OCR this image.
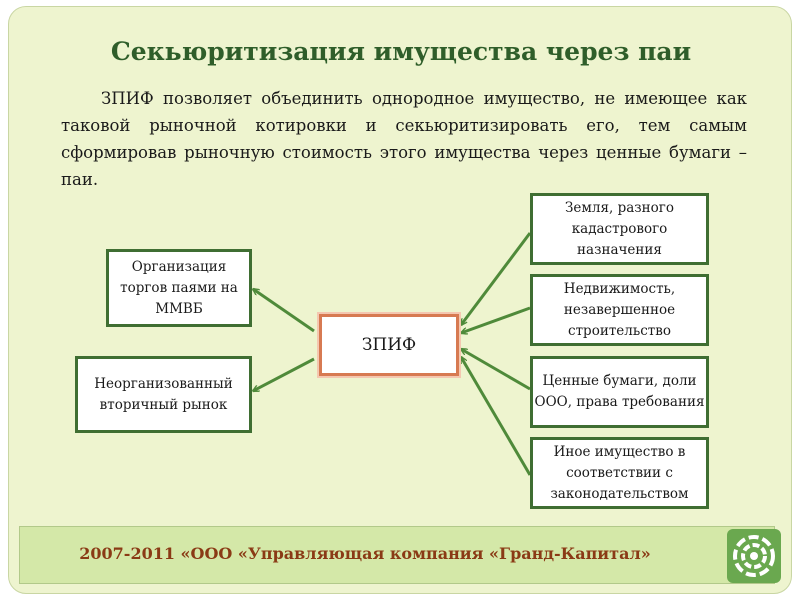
Секьюритизация имущества через паи
ЗПИФ позволяет объединить однородное имущество, не имеющее как таковой рыночной котировки и секьюритизировать его, тем самым сформировав рыночную стоимость этого имущества через ценные бумаги – паи.
Организация торгов паями на ММВБ
Неорганизованный вторичный рынок
ЗПИФ
Земля, разного кадастрового назначения
Недвижимость, незавершенное строительство
Ценные бумаги, доли ООО, права требования
Иное имущество в соответствии с законодательством
2007-2011 «ООО «Управляющая компания «Гранд-Капитал»
